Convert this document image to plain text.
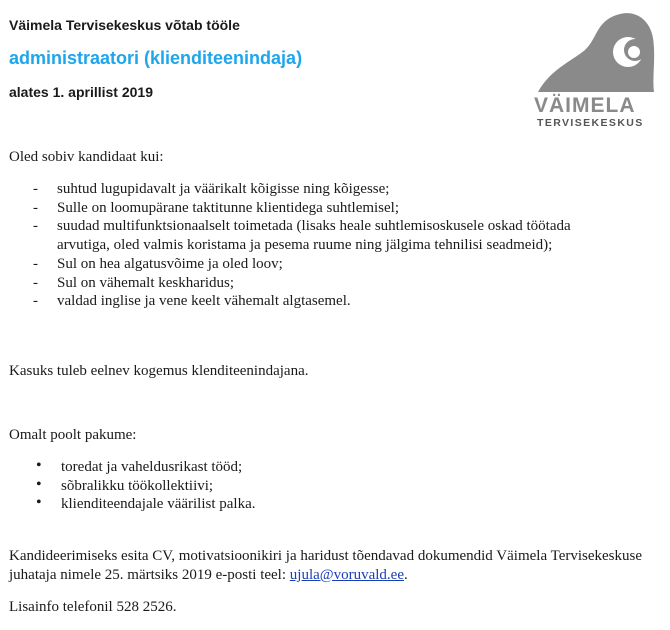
Väimela Tervisekeskus võtab tööle
administraatori (klienditeenindaja)
alates 1. aprillist 2019
VÄIMELA
TERVISEKESKUS
Oled sobiv kandidaat kui:
- suhtud lugupidavalt ja väärikalt kõigisse ning kõigesse;
- Sulle on loomupärane taktitunne klientidega suhtlemisel;
- suudad multifunktsionaalselt toimetada (lisaks heale suhtlemisoskusele oskad töötada arvutiga, oled valmis koristama ja pesema ruume ning jälgima tehnilisi seadmeid);
- Sul on hea algatusvõime ja oled loov;
- Sul on vähemalt keskharidus;
- valdad inglise ja vene keelt vähemalt algtasemel.
Kasuks tuleb eelnev kogemus klenditeenindajana.
Omalt poolt pakume:
• toredat ja vaheldusrikast tööd;
• sõbralikku töökollektiivi;
• klienditeendajale väärilist palka.
Kandideerimiseks esita CV, motivatsioonikiri ja haridust tõendavad dokumendid Väimela Tervisekeskuse juhataja nimele 25. märtsiks 2019 e-posti teel: ujula@voruvald.ee.
Lisainfo telefonil 528 2526.
